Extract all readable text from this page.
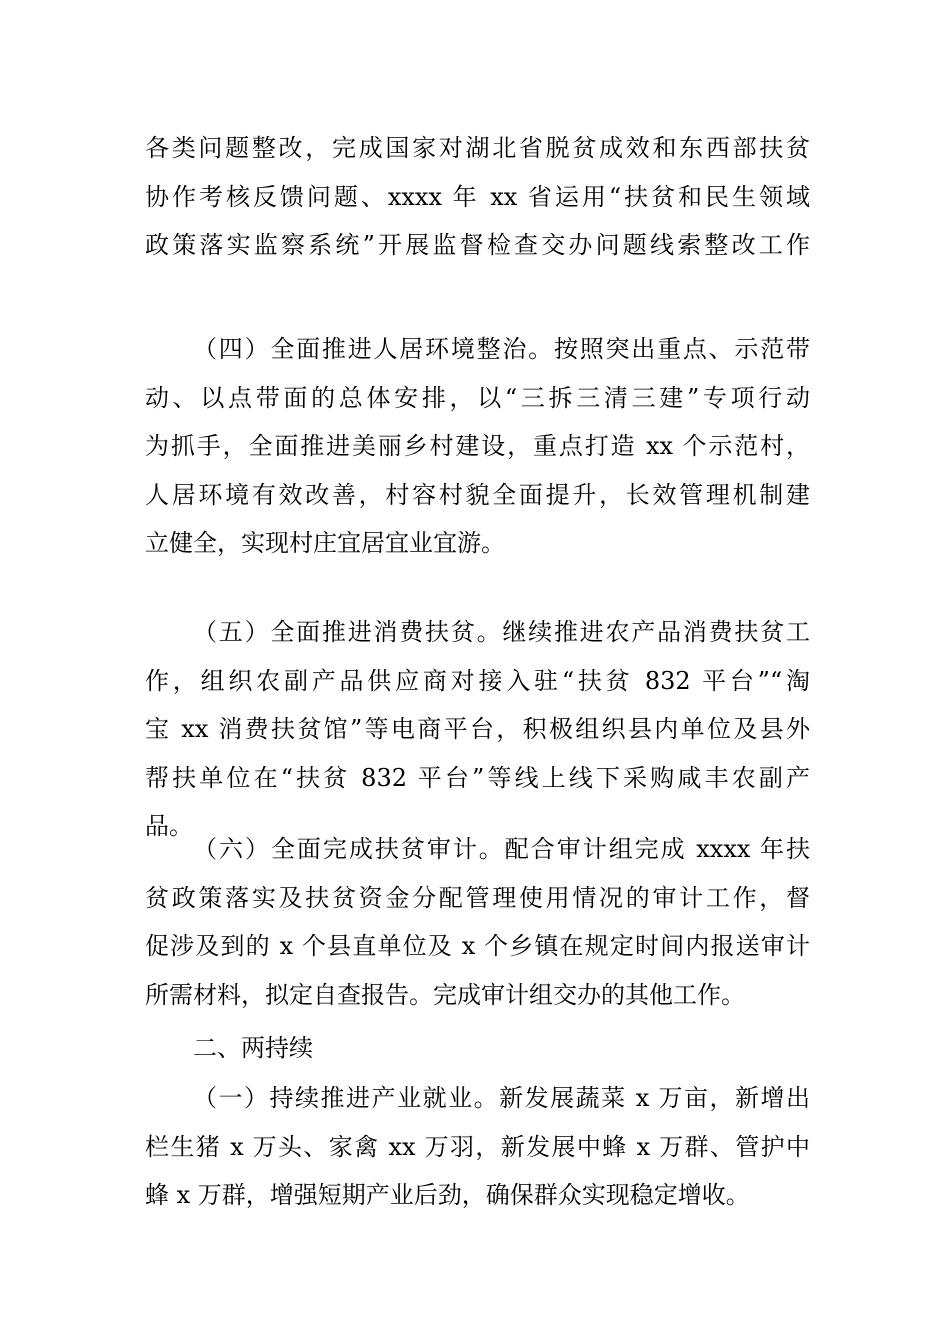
各类问题整改，完成国家对湖北省脱贫成效和东西部扶贫
协作考核反馈问题、xxxx 年 xx 省运用“扶贫和民生领域
政策落实监察系统”开展监督检查交办问题线索整改工作
（四）全面推进人居环境整治。按照突出重点、示范带
动、以点带面的总体安排，以“三拆三清三建”专项行动
为抓手，全面推进美丽乡村建设，重点打造 xx 个示范村，
人居环境有效改善，村容村貌全面提升，长效管理机制建
立健全，实现村庄宜居宜业宜游。
（五）全面推进消费扶贫。继续推进农产品消费扶贫工
作，组织农副产品供应商对接入驻“扶贫 832 平台”“淘
宝 xx 消费扶贫馆”等电商平台，积极组织县内单位及县外
帮扶单位在“扶贫 832 平台”等线上线下采购咸丰农副产
品。
（六）全面完成扶贫审计。配合审计组完成 xxxx 年扶
贫政策落实及扶贫资金分配管理使用情况的审计工作，督
促涉及到的 x 个县直单位及 x 个乡镇在规定时间内报送审计
所需材料，拟定自查报告。完成审计组交办的其他工作。
二、两持续
（一）持续推进产业就业。新发展蔬菜 x 万亩，新增出
栏生猪 x 万头、家禽 xx 万羽，新发展中蜂 x 万群、管护中
蜂 x 万群，增强短期产业后劲，确保群众实现稳定增收。
